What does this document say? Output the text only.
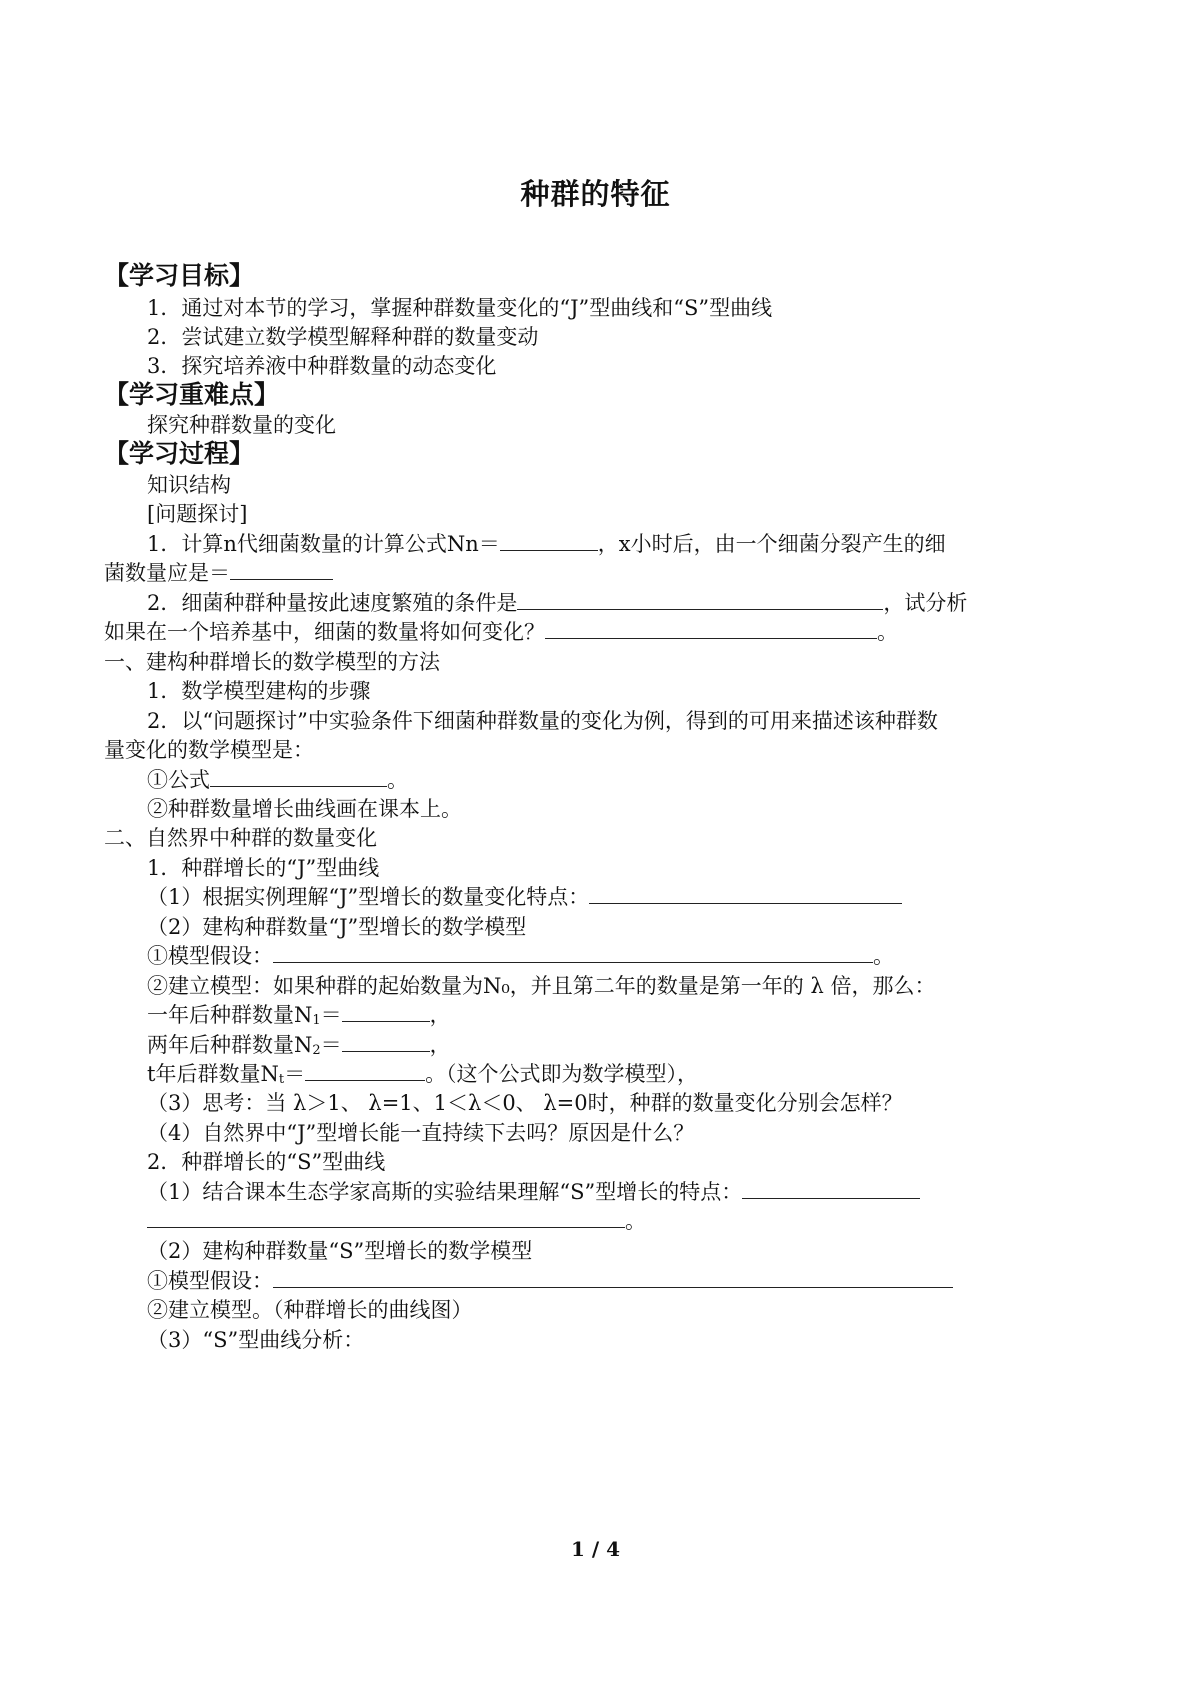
种群的特征
【学习目标】
1．通过对本节的学习，掌握种群数量变化的“J”型曲线和“S”型曲线
2．尝试建立数学模型解释种群的数量变动
3．探究培养液中种群数量的动态变化
【学习重难点】
探究种群数量的变化
【学习过程】
知识结构
[问题探讨]
1．计算n代细菌数量的计算公式Nn＝	，x小时后，由一个细菌分裂产生的细
菌数量应是＝
2．细菌种群种量按此速度繁殖的条件是	，试分析
如果在一个培养基中，细菌的数量将如何变化？	。
一、建构种群增长的数学模型的方法
1．数学模型建构的步骤
2．以“问题探讨”中实验条件下细菌种群数量的变化为例，得到的可用来描述该种群数
量变化的数学模型是：
①公式	。
②种群数量增长曲线画在课本上。
二、自然界中种群的数量变化
1．种群增长的“J”型曲线
（1）根据实例理解“J”型增长的数量变化特点：
（2）建构种群数量“J”型增长的数学模型
①模型假设：	。
②建立模型：如果种群的起始数量为N₀，并且第二年的数量是第一年的 λ 倍，那么：
一年后种群数量$N_1=$	，
两年后种群数量$N_2=$	，
t年后群数量$N_t=$	。（这个公式即为数学模型），
（3）思考：当 λ＞1、 λ=1、1＜λ＜0、 λ=0时，种群的数量变化分别会怎样？
（4）自然界中“J”型增长能一直持续下去吗？原因是什么？
2．种群增长的“S”型曲线
（1）结合课本生态学家高斯的实验结果理解“S”型增长的特点：
。
（2）建构种群数量“S”型增长的数学模型
①模型假设：
②建立模型。（种群增长的曲线图）
（3）“S”型曲线分析：
1 / 4
